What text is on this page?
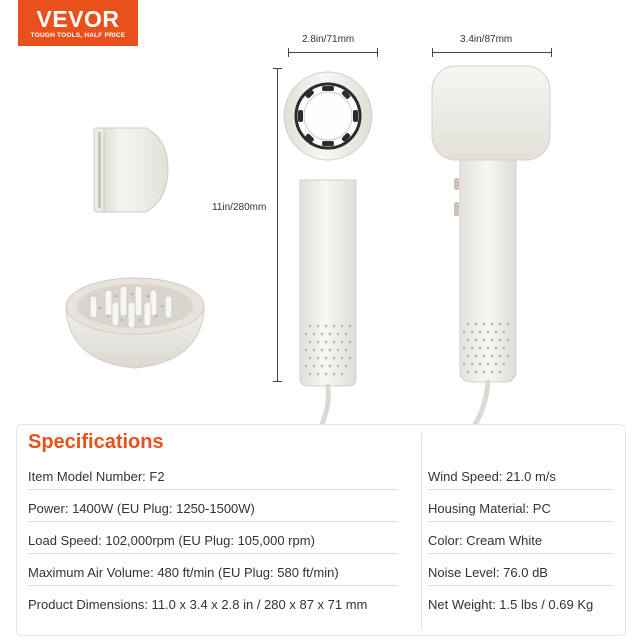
VEVOR
TOUGH TOOLS, HALF PRICE	2.8in/71mm	3.4in/87mm
11in/280mm
Specifications
Item Model Number: F2
Power: 1400W (EU Plug: 1250-1500W)
Load Speed: 102,000rpm (EU Plug: 105,000 rpm)
Maximum Air Volume: 480 ft/min (EU Plug: 580 ft/min)
Product Dimensions: 11.0 x 3.4 x 2.8 in / 280 x 87 x 71 mm
Wind Speed: 21.0 m/s
Housing Material: PC
Color: Cream White
Noise Level: 76.0 dB
Net Weight: 1.5 lbs / 0.69 Kg
